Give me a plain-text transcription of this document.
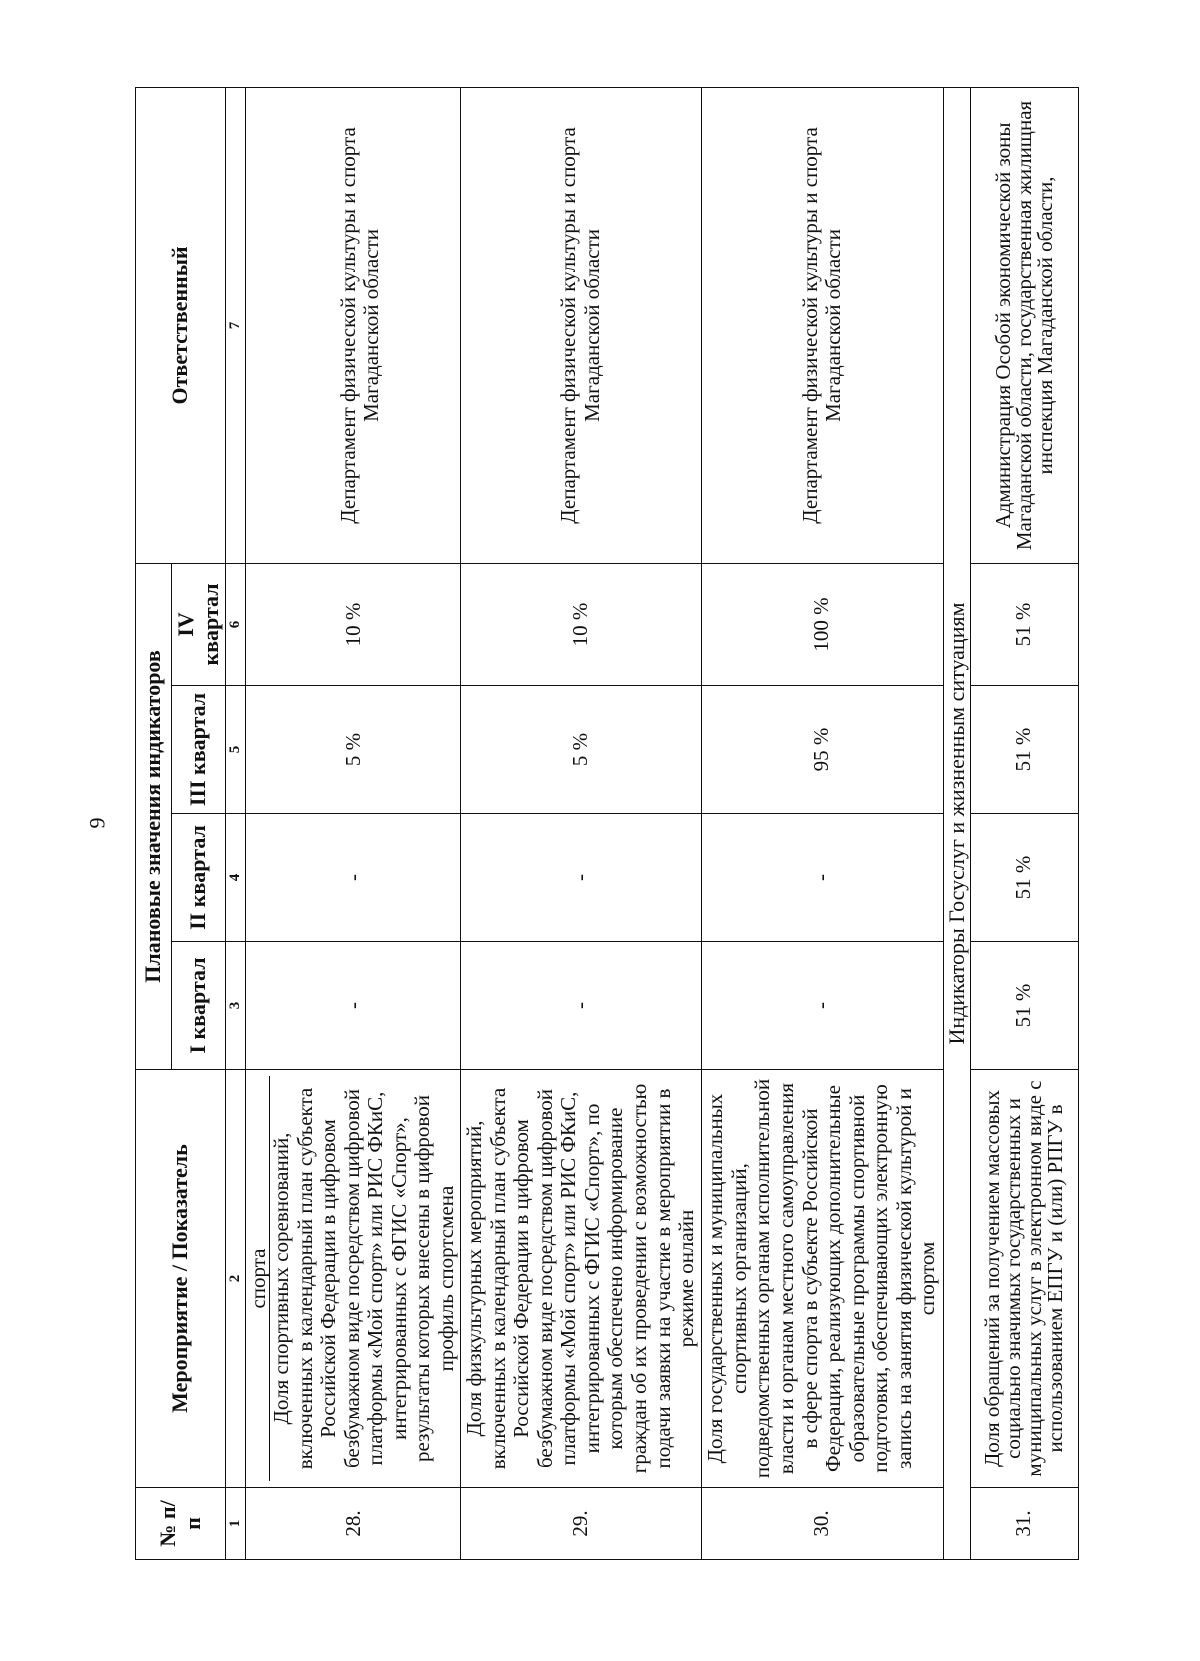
9
№ п/п	Мероприятие / Показатель	Плановые значения индикаторов				Ответственный
		I квартал	II квартал	III квартал	IV квартал	
1	2	3	4	5	6	7
28.	спорта Доля спортивных соревнований, включенных в календарный план субъекта Российской Федерации в цифровом безбумажном виде посредством цифровой платформы «Мой спорт» или РИС ФКиС, интегрированных с ФГИС «Спорт», результаты которых внесены в цифровой профиль спортсмена	-	-	5 %	10 %	Департамент физической культуры и спорта Магаданской области

29.	Доля физкультурных мероприятий, включенных в календарный план субъекта Российской Федерации в цифровом безбумажном виде посредством цифровой платформы «Мой спорт» или РИС ФКиС, интегрированных с ФГИС «Спорт», по которым обеспечено информирование граждан об их проведении с возможностью подачи заявки на участие в мероприятии в режиме онлайн	-	-	5 %	10 %	Департамент физической культуры и спорта Магаданской области
30.	Доля государственных и муниципальных спортивных организаций, подведомственных органам исполнительной власти и органам местного самоуправления в сфере спорта в субъекте Российской Федерации, реализующих дополнительные образовательные программы спортивной подготовки, обеспечивающих электронную запись на занятия физической культурой и спортом	-	-	95 %	100 %	Департамент физической культуры и спорта Магаданской области
Индикаторы Госуслуг и жизненным ситуациям						
31.	Доля обращений за получением массовых социально значимых государственных и муниципальных услуг в электронном виде с использованием ЕПГУ и (или) РПГУ в	51 %	51 %	51 %	51 %	Администрация Особой экономической зоны Магаданской области, государственная жилищная инспекция Магаданской области,
